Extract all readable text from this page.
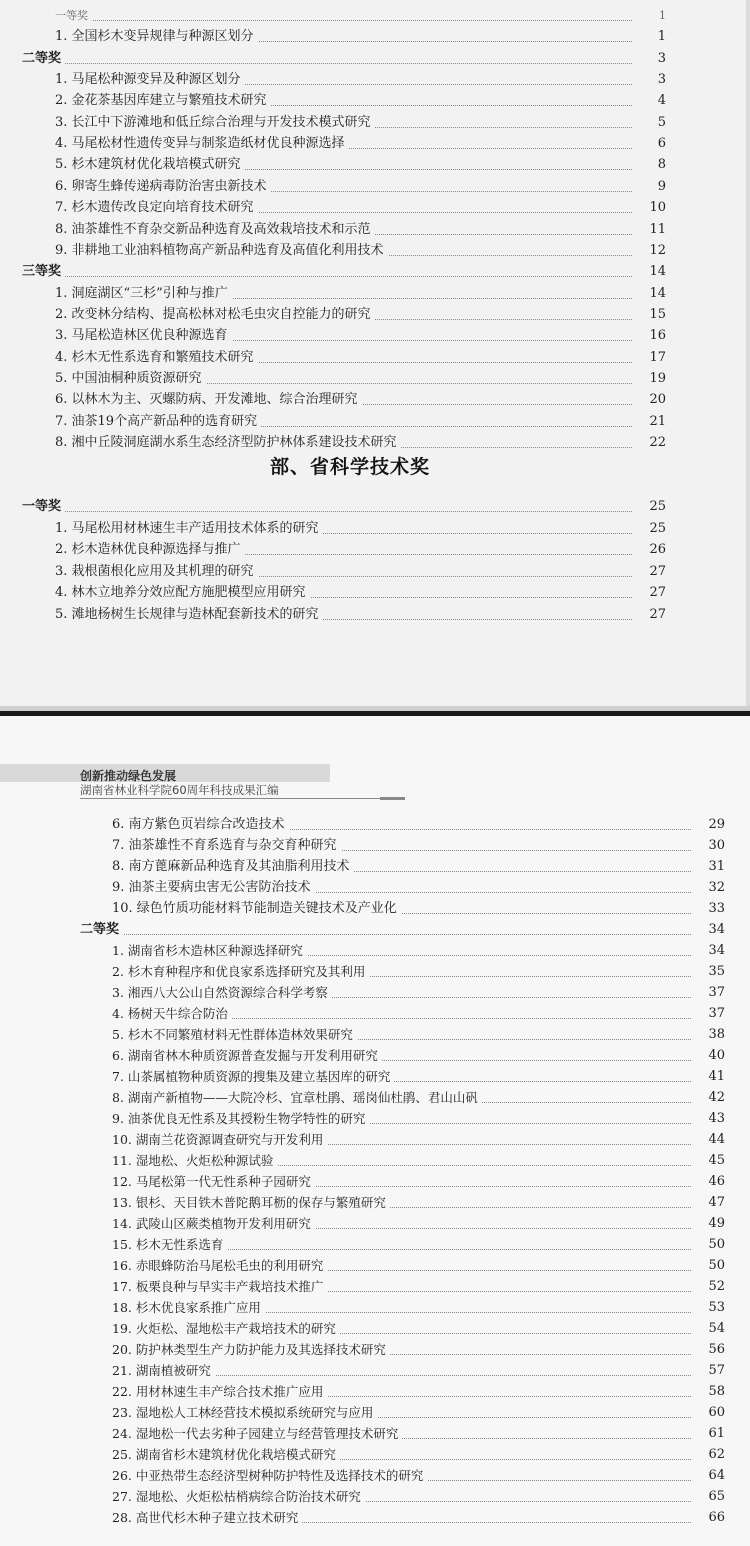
一等奖	1
1. 全国杉木变异规律与种源区划分	1
二等奖	3
1. 马尾松种源变异及种源区划分	3
2. 金花茶基因库建立与繁殖技术研究	4
3. 长江中下游滩地和低丘综合治理与开发技术模式研究	5
4. 马尾松材性遗传变异与制浆造纸材优良种源选择	6
5. 杉木建筑材优化栽培模式研究	8
6. 卵寄生蜂传递病毒防治害虫新技术	9
7. 杉木遗传改良定向培育技术研究	10
8. 油茶雄性不育杂交新品种选育及高效栽培技术和示范	11
9. 非耕地工业油料植物高产新品种选育及高值化利用技术	12
三等奖	14
1. 洞庭湖区“三杉”引种与推广	14
2. 改变林分结构、提高松林对松毛虫灾自控能力的研究	15
3. 马尾松造林区优良种源选育	16
4. 杉木无性系选育和繁殖技术研究	17
5. 中国油桐种质资源研究	19
6. 以林木为主、灭螺防病、开发滩地、综合治理研究	20
7. 油茶19个高产新品种的选育研究	21
8. 湘中丘陵洞庭湖水系生态经济型防护林体系建设技术研究	22
部、省科学技术奖
一等奖	25
1. 马尾松用材林速生丰产适用技术体系的研究	25
2. 杉木造林优良种源选择与推广	26
3. 栽根菌根化应用及其机理的研究	27
4. 林木立地养分效应配方施肥模型应用研究	27
5. 滩地杨树生长规律与造林配套新技术的研究	27
创新推动绿色发展
湖南省林业科学院60周年科技成果汇编
6. 南方紫色页岩综合改造技术	29
7. 油茶雄性不育系选育与杂交育种研究	30
8. 南方蓖麻新品种选育及其油脂利用技术	31
9. 油茶主要病虫害无公害防治技术	32
10. 绿色竹质功能材料节能制造关键技术及产业化	33
二等奖	34
1. 湖南省杉木造林区种源选择研究	34
2. 杉木育种程序和优良家系选择研究及其利用	35
3. 湘西八大公山自然资源综合科学考察	37
4. 杨树天牛综合防治	37
5. 杉木不同繁殖材料无性群体造林效果研究	38
6. 湖南省林木种质资源普查发掘与开发利用研究	40
7. 山茶属植物种质资源的搜集及建立基因库的研究	41
8. 湖南产新植物——大院冷杉、宜章杜鹃、瑶岗仙杜鹃、君山山矾	42
9. 油茶优良无性系及其授粉生物学特性的研究	43
10. 湖南兰花资源调查研究与开发利用	44
11. 湿地松、火炬松种源试验	45
12. 马尾松第一代无性系种子园研究	46
13. 银杉、天目铁木普陀鹅耳枥的保存与繁殖研究	47
14. 武陵山区蕨类植物开发利用研究	49
15. 杉木无性系选育	50
16. 赤眼蜂防治马尾松毛虫的利用研究	50
17. 板栗良种与早实丰产栽培技术推广	52
18. 杉木优良家系推广应用	53
19. 火炬松、湿地松丰产栽培技术的研究	54
20. 防护林类型生产力防护能力及其选择技术研究	56
21. 湖南植被研究	57
22. 用材林速生丰产综合技术推广应用	58
23. 湿地松人工林经营技术模拟系统研究与应用	60
24. 湿地松一代去劣种子园建立与经营管理技术研究	61
25. 湖南省杉木建筑材优化栽培模式研究	62
26. 中亚热带生态经济型树种防护特性及选择技术的研究	64
27. 湿地松、火炬松枯梢病综合防治技术研究	65
28. 高世代杉木种子建立技术研究	66
